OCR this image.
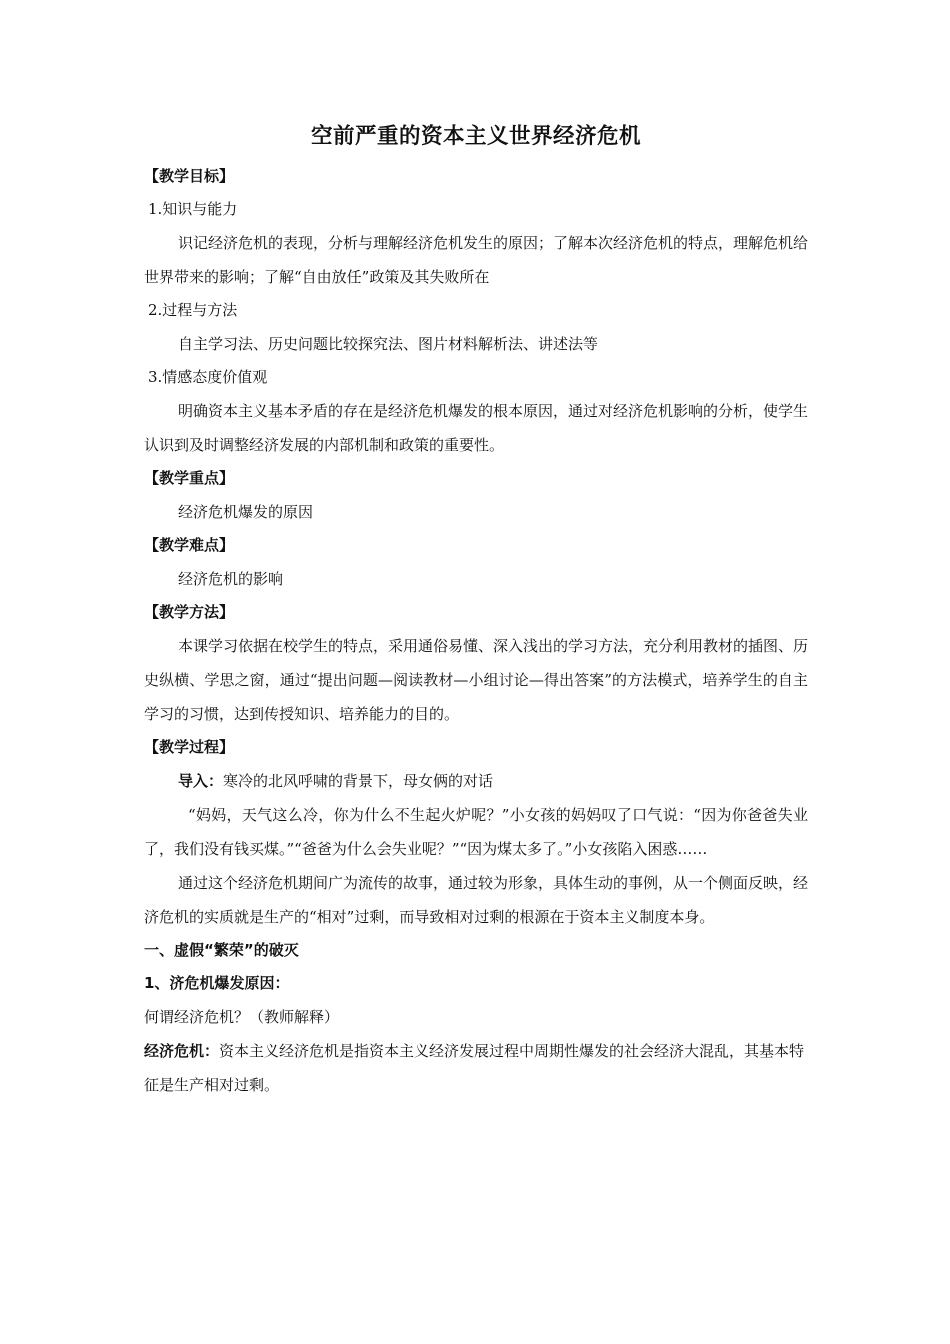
空前严重的资本主义世界经济危机

【教学目标】

1.知识与能力

识记经济危机的表现，分析与理解经济危机发生的原因；了解本次经济危机的特点，理解危机给世界带来的影响；了解“自由放任”政策及其失败所在

2.过程与方法

自主学习法、历史问题比较探究法、图片材料解析法、讲述法等

3.情感态度价值观

明确资本主义基本矛盾的存在是经济危机爆发的根本原因，通过对经济危机影响的分析，使学生认识到及时调整经济发展的内部机制和政策的重要性。

【教学重点】

经济危机爆发的原因

【教学难点】

经济危机的影响

【教学方法】

本课学习依据在校学生的特点，采用通俗易懂、深入浅出的学习方法，充分利用教材的插图、历史纵横、学思之窗，通过“提出问题—阅读教材—小组讨论—得出答案”的方法模式，培养学生的自主学习的习惯，达到传授知识、培养能力的目的。

【教学过程】

导入：寒冷的北风呼啸的背景下，母女俩的对话

“妈妈，天气这么冷，你为什么不生起火炉呢？”小女孩的妈妈叹了口气说：“因为你爸爸失业了，我们没有钱买煤。”“爸爸为什么会失业呢？”“因为煤太多了。”小女孩陷入困惑……

通过这个经济危机期间广为流传的故事，通过较为形象，具体生动的事例，从一个侧面反映，经济危机的实质就是生产的“相对”过剩，而导致相对过剩的根源在于资本主义制度本身。

一、虚假“繁荣”的破灭

1、济危机爆发原因：

何谓经济危机？（教师解释）

经济危机：资本主义经济危机是指资本主义经济发展过程中周期性爆发的社会经济大混乱，其基本特征是生产相对过剩。
